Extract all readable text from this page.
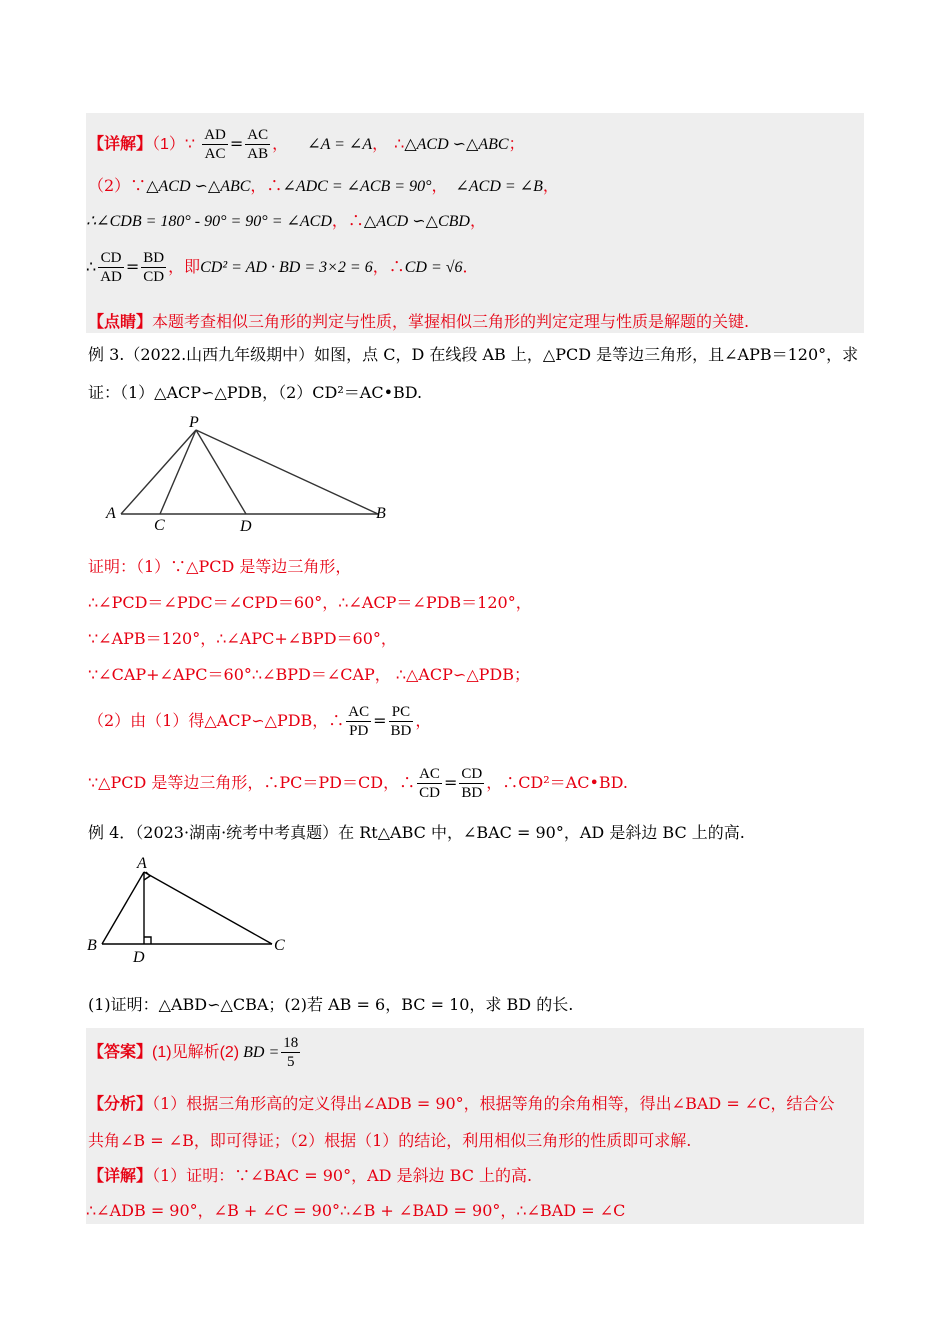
【详解】（1）∵ $\frac{AD}{AC} = \frac{AC}{AB}$ ， ∠A = ∠A， ∴△ACD ∽△ABC；
（2）∵△ACD ∽△ABC，∴∠ADC = ∠ACB = 90°， ∠ACD = ∠B，
∴∠CDB = 180° - 90° = 90° = ∠ACD，∴△ACD ∽△CBD，
∴ $\frac{CD}{AD} = \frac{BD}{CD}$ ，即CD² = AD · BD = 3×2 = 6，∴CD = √6．
【点睛】本题考查相似三角形的判定与性质，掌握相似三角形的判定定理与性质是解题的关键.
例 3.（2022.山西九年级期中）如图，点 C，D 在线段 AB 上，△PCD 是等边三角形，且∠APB＝120°，求
证：（1）△ACP∽△PDB，（2）CD²＝AC•BD.
P
A
C	D
B
证明：（1）∵△PCD 是等边三角形，
∴∠PCD＝∠PDC＝∠CPD＝60°，∴∠ACP＝∠PDB＝120°，
∵∠APB＝120°，∴∠APC+∠BPD＝60°，
∵∠CAP+∠APC＝60°∴∠BPD＝∠CAP， ∴△ACP∽△PDB；
（2）由（1）得△ACP∽△PDB，∴ $\frac{AC}{PD} = \frac{PC}{BD}$ ，
∵△PCD 是等边三角形，∴PC＝PD＝CD，∴ $\frac{AC}{CD} = \frac{CD}{BD}$ ，∴CD²＝AC•BD.
例 4．（2023·湖南·统考中考真题）在 Rt△ABC 中，∠BAC = 90°，AD 是斜边 BC 上的高.
A
B	C
D
(1)证明：△ABD∽△CBA；(2)若 AB = 6，BC = 10，求 BD 的长.
【答案】(1)见解析(2) BD = $\frac{18}{5}$
【分析】（1）根据三角形高的定义得出∠ADB = 90°，根据等角的余角相等，得出∠BAD = ∠C，结合公
共角∠B = ∠B，即可得证；（2）根据（1）的结论，利用相似三角形的性质即可求解.
【详解】（1）证明：∵∠BAC = 90°，AD 是斜边 BC 上的高.
∴∠ADB = 90°，∠B + ∠C = 90°∴∠B + ∠BAD = 90°，∴∠BAD = ∠C
